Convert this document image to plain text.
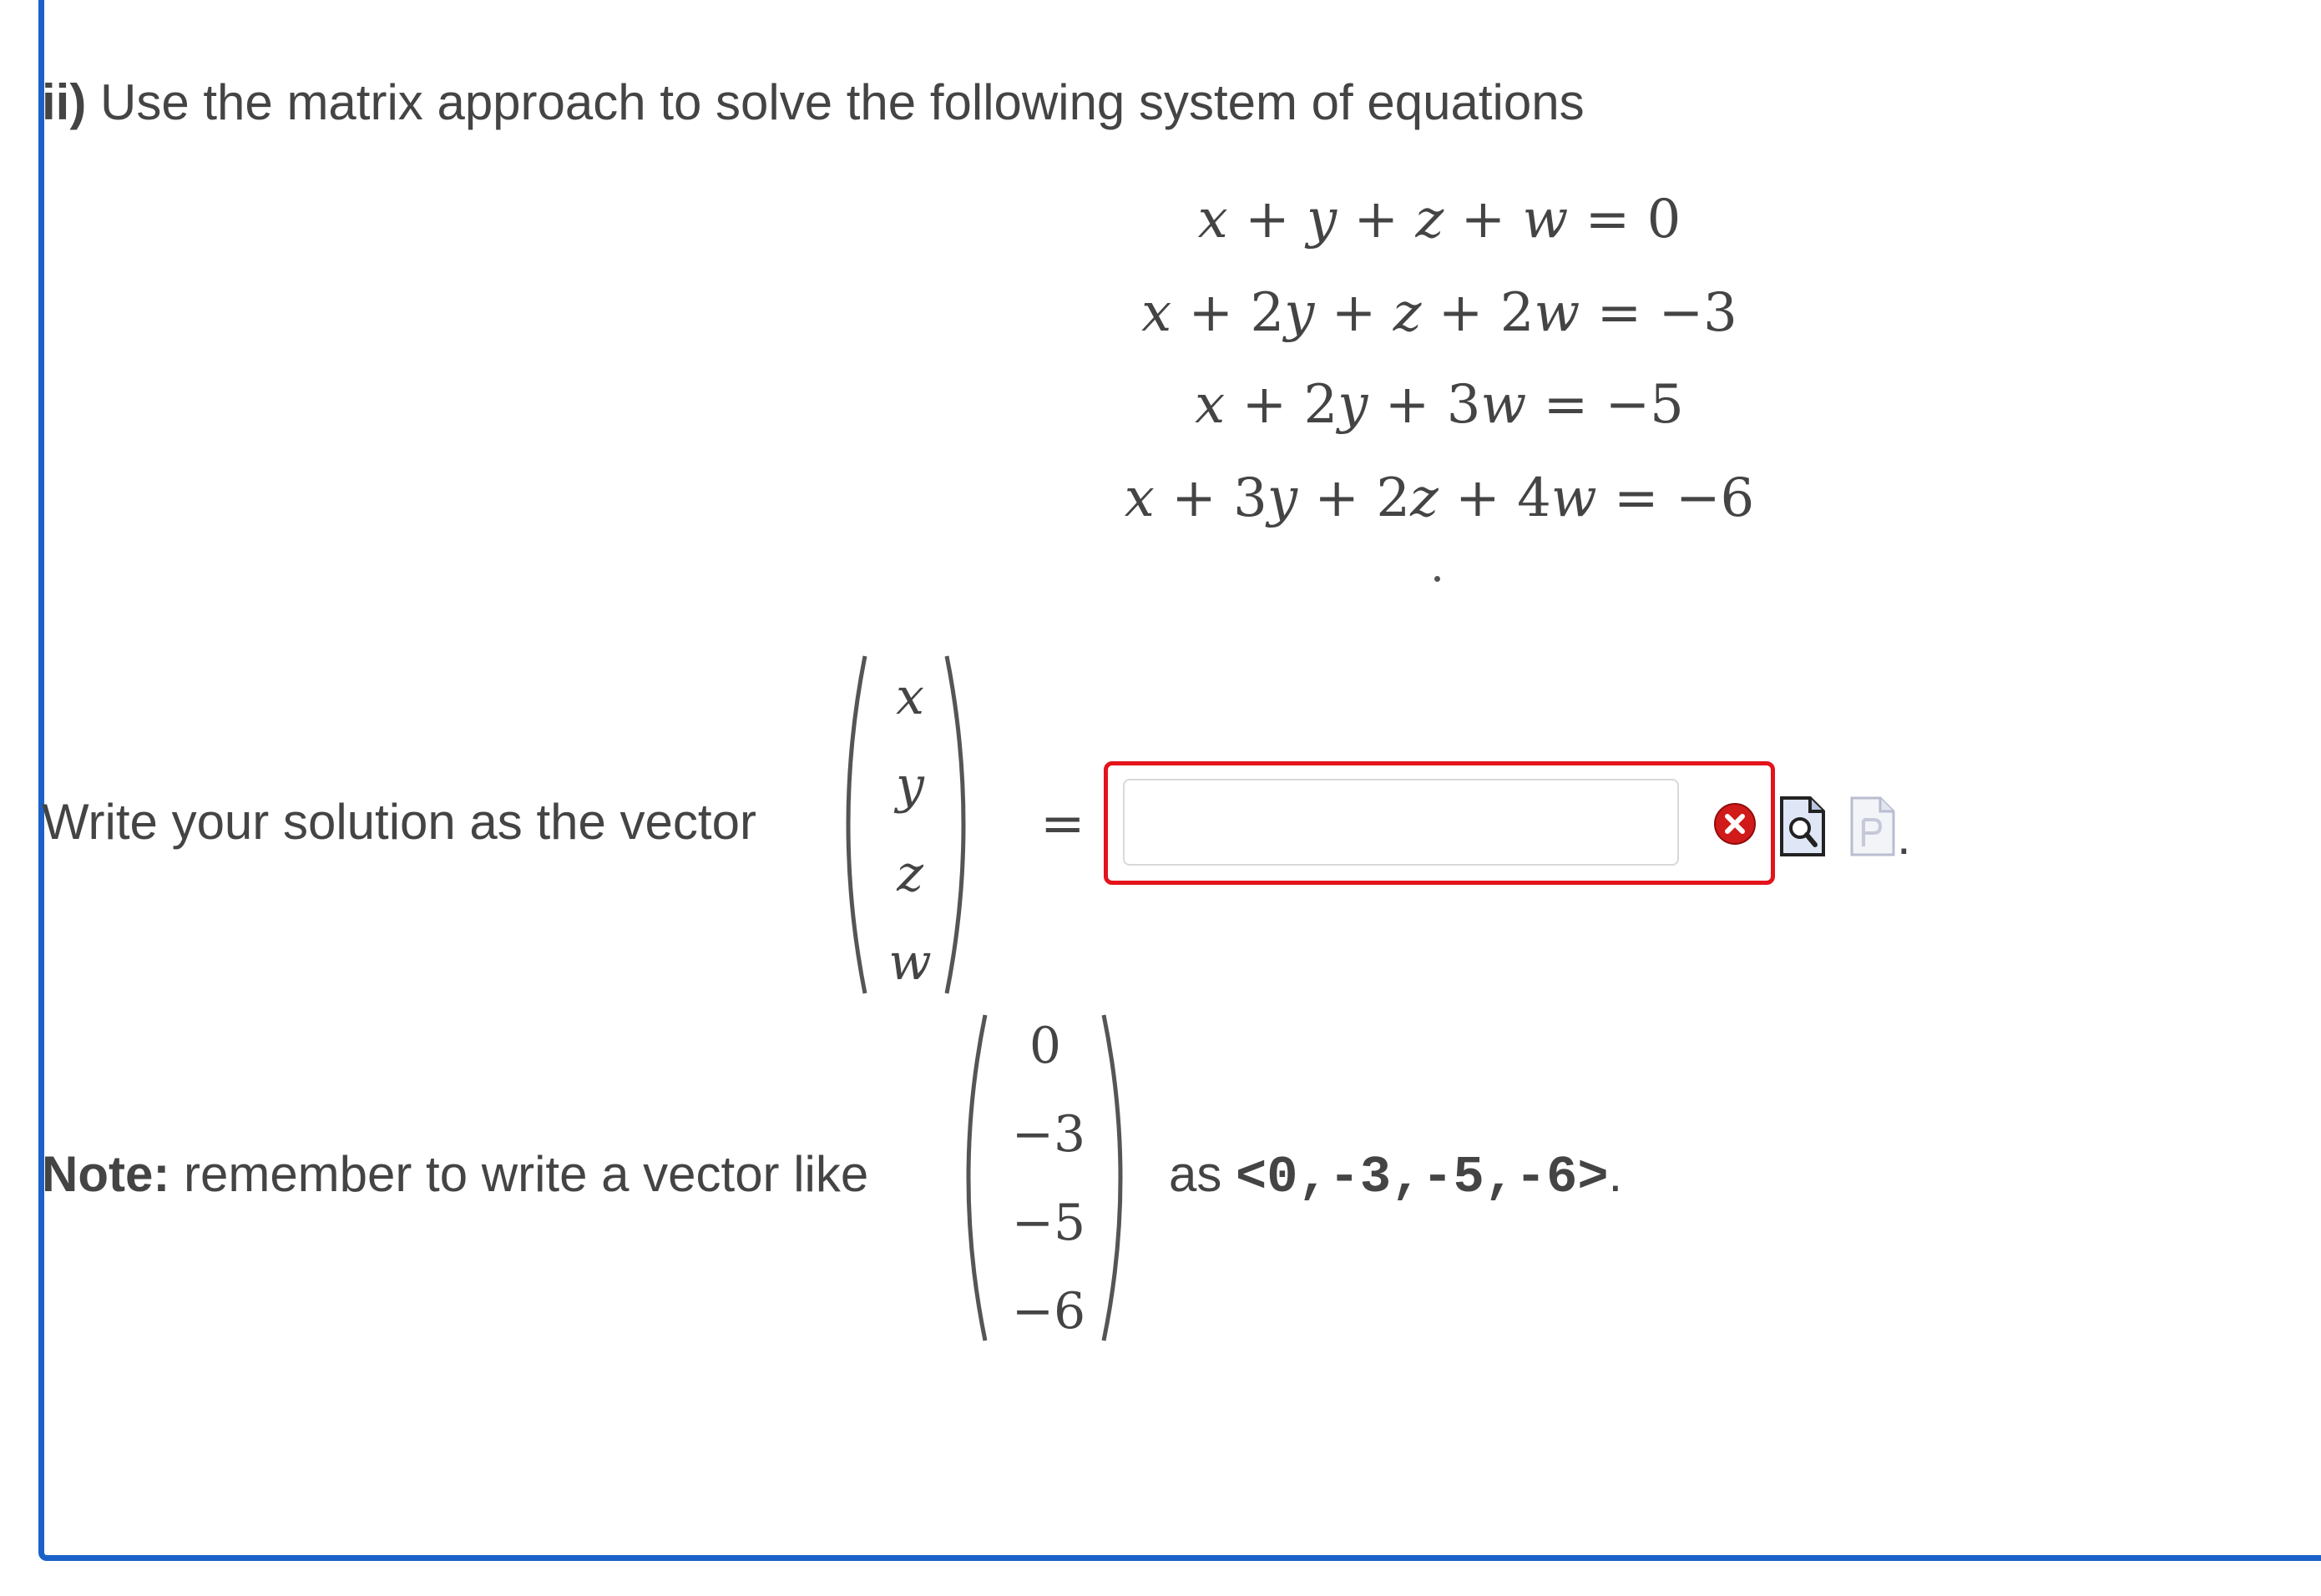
ii) Use the matrix approach to solve the following system of equations
x + y + z + w = 0
x + 2y + z + 2w = −3
x + 2y + 3w = −5
x + 3y + 2z + 4w = −6
Write your solution as the vector
x
y
z
w
=	.
Note: remember to write a vector like
0
−3
−5
−6
as <0,-3,-5,-6>.
